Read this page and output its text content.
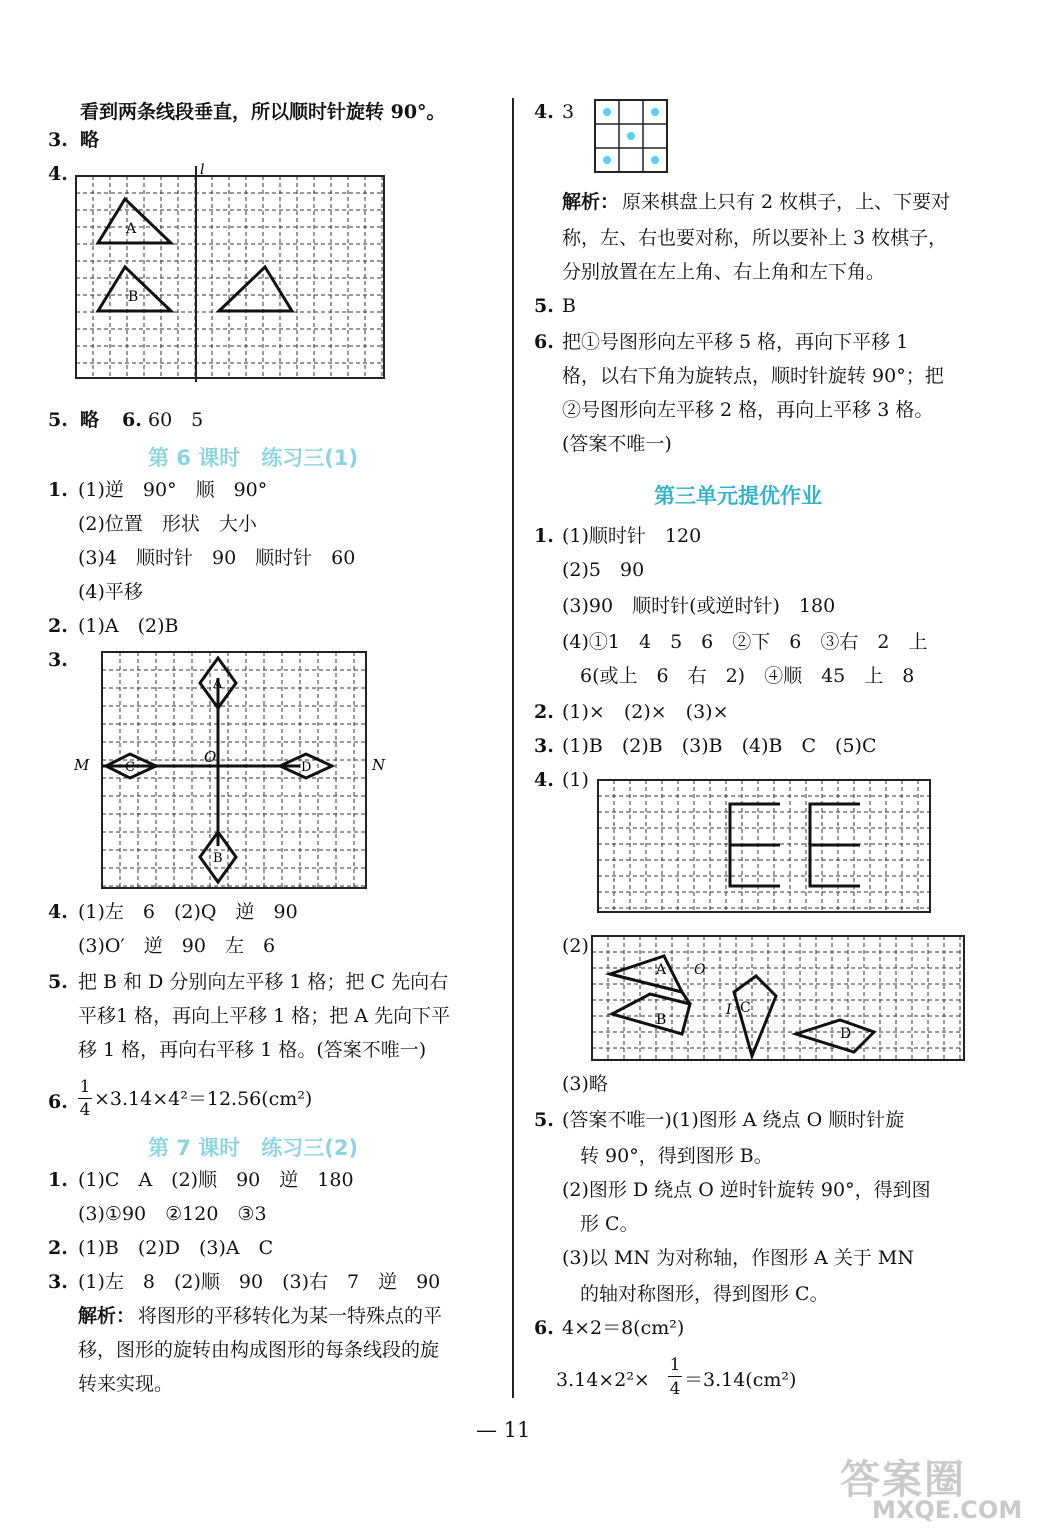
看到两条线段垂直，所以顺时针旋转 90°。
3. 略
4.
A
B
l
5. 略 6. 60　5
第 6 课时　练习三(1)
1. (1)逆　90°　顺　90°
(2)位置　形状　大小
(3)4　顺时针　90　顺时针　60
(4)平移
2. (1)A　(2)B
3.
M	N
O
A
C	D
B
4. (1)左　6　(2)Q　逆　90
(3)O′　逆　90　左　6
5. 把 B 和 D 分别向左平移 1 格；把 C 先向右
平移1 格，再向上平移 1 格；把 A 先向下平
移 1 格，再向右平移 1 格。(答案不唯一)
6.
1
4 ×3.14×4²＝12.56(cm²)
第 7 课时　练习三(2)
1. (1)C　A　(2)顺　90　逆　180
(3)①90　②120　③3
2. (1)B　(2)D　(3)A　C
3. (1)左　8　(2)顺　90　(3)右　7　逆　90
解析： 将图形的平移转化为某一特殊点的平
移，图形的旋转由构成图形的每条线段的旋
转来实现。
4. 3
解析： 原来棋盘上只有 2 枚棋子，上、下要对
称，左、右也要对称，所以要补上 3 枚棋子，
分别放置在左上角、右上角和左下角。
5. B
6. 把①号图形向左平移 5 格，再向下平移 1
格，以右下角为旋转点，顺时针旋转 90°；把
②号图形向左平移 2 格，再向上平移 3 格。
(答案不唯一)
第三单元提优作业
1. (1)顺时针　120
(2)5　90
(3)90　顺时针(或逆时针)　180
(4)①1　4　5　6　②下　6　③右　2　上
6(或上　6　右　2)　④顺　45　上　8
2. (1)×　(2)×　(3)×
3. (1)B　(2)B　(3)B　(4)B　C　(5)C
4. (1)
(2)
A
B
C
D
O
I
(3)略
5. (答案不唯一)(1)图形 A 绕点 O 顺时针旋
转 90°，得到图形 B。
(2)图形 D 绕点 O 逆时针旋转 90°，得到图
形 C。
(3)以 MN 为对称轴，作图形 A 关于 MN
的轴对称图形，得到图形 C。
6. 4×2＝8(cm²)
3.14×2²×
1
4 ＝3.14(cm²)
— 11
答案圈
MXQE.COM
